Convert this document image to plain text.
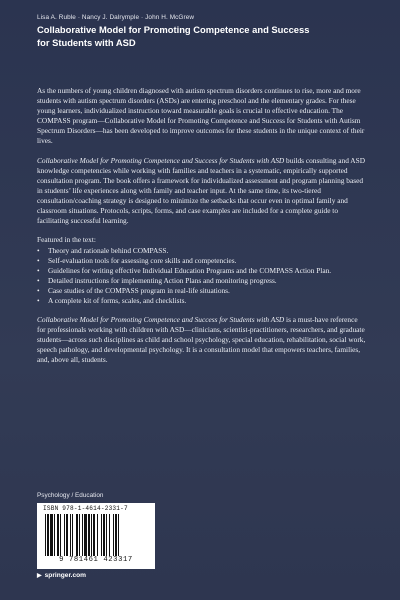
Lisa A. Ruble · Nancy J. Dalrymple · John H. McGrew
Collaborative Model for Promoting Competence and Success
for Students with ASD

As the numbers of young children diagnosed with autism spectrum disorders continues to rise, more and more students with autism spectrum disorders (ASDs) are entering preschool and the elementary grades. For these young learners, individualized instruction toward measurable goals is crucial to effective education. The COMPASS program—Collaborative Model for Promoting Competence and Success for Students with Autism Spectrum Disorders—has been developed to improve outcomes for these students in the unique context of their lives.

Collaborative Model for Promoting Competence and Success for Students with ASD builds consulting and ASD knowledge competencies while working with families and teachers in a systematic, empirically supported consultation program. The book offers a framework for individualized assessment and program planning based in students’ life experiences along with family and teacher input. At the same time, its two-tiered consultation/coaching strategy is designed to minimize the setbacks that occur even in optimal family and classroom situations. Protocols, scripts, forms, and case examples are included for a complete guide to facilitating successful learning.

Featured in the text:

• Theory and rationale behind COMPASS.
• Self-evaluation tools for assessing core skills and competencies.
• Guidelines for writing effective Individual Education Programs and the COMPASS Action Plan.
• Detailed instructions for implementing Action Plans and monitoring progress.
• Case studies of the COMPASS program in real-life situations.
• A complete kit of forms, scales, and checklists.

Collaborative Model for Promoting Competence and Success for Students with ASD is a must-have reference for professionals working with children with ASD—clinicians, scientist-practitioners, researchers, and graduate students—across such disciplines as child and school psychology, special education, rehabilitation, social work, speech pathology, and developmental psychology. It is a consultation model that empowers teachers, families, and, above all, students.

Psychology / Education
ISBN 978-1-4614-2331-7
9 781461 423317
▶ springer.com
